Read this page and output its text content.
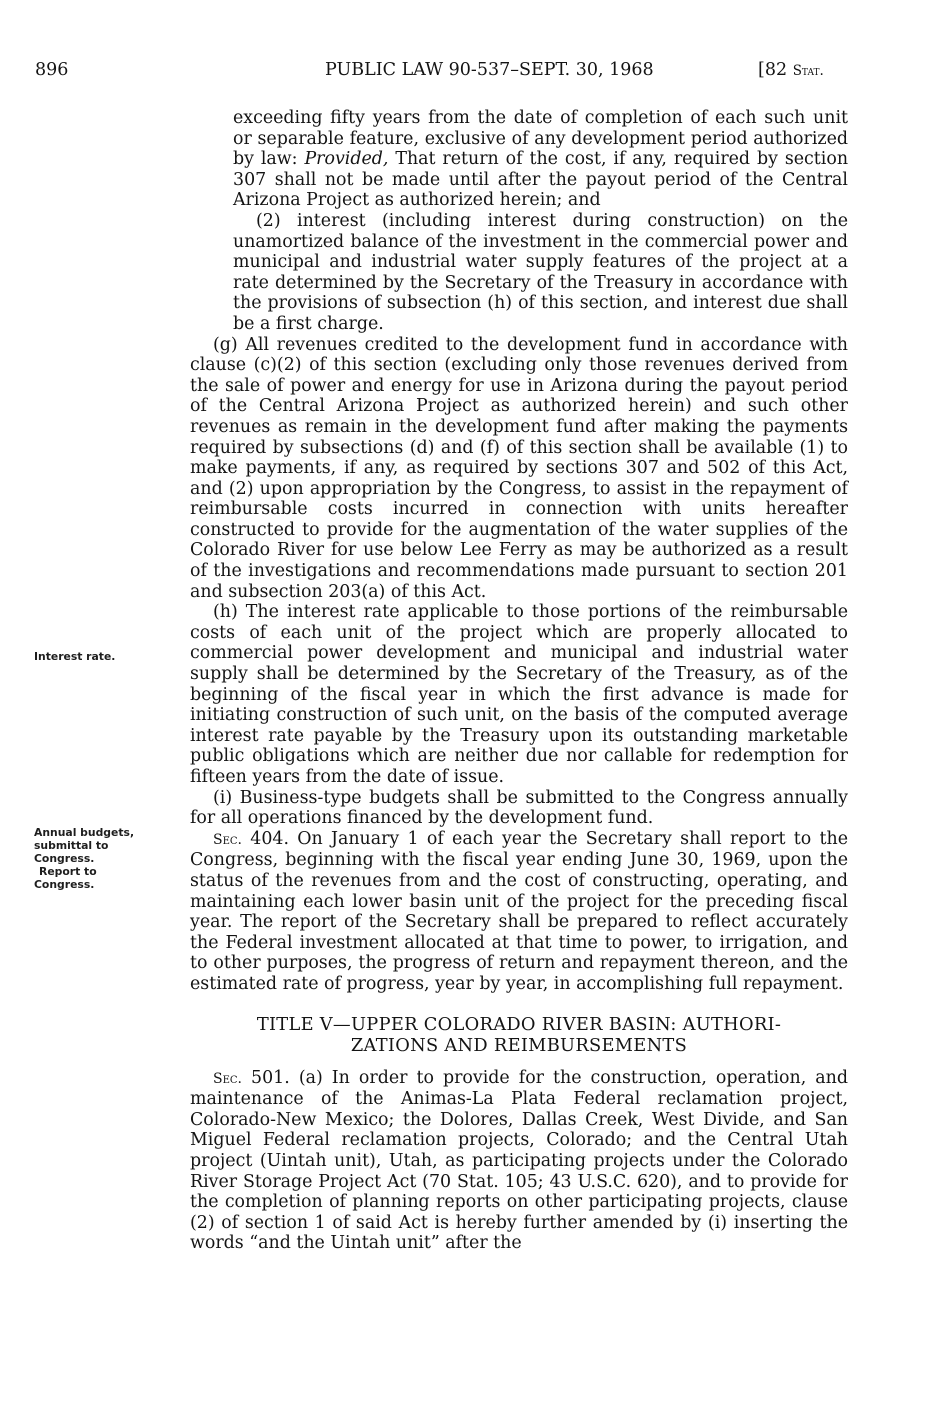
896	PUBLIC LAW 90-537–SEPT. 30, 1968	[82 Stat.
Interest rate.
Annual budgets,
submittal to
Congress.
Report to
Congress.

exceeding fifty years from the date of completion of each such unit or separable feature, exclusive of any development period authorized by law: Provided, That return of the cost, if any, required by section 307 shall not be made until after the payout period of the Central Arizona Project as authorized herein; and

(2) interest (including interest during construction) on the unamortized balance of the investment in the commercial power and municipal and industrial water supply features of the project at a rate determined by the Secretary of the Treasury in accordance with the provisions of subsection (h) of this section, and interest due shall be a first charge.

(g) All revenues credited to the development fund in accordance with clause (c)(2) of this section (excluding only those revenues derived from the sale of power and energy for use in Arizona during the payout period of the Central Arizona Project as authorized herein) and such other revenues as remain in the development fund after making the payments required by subsections (d) and (f) of this section shall be available (1) to make payments, if any, as required by sections 307 and 502 of this Act, and (2) upon appropriation by the Congress, to assist in the repayment of reimbursable costs incurred in connection with units hereafter constructed to provide for the augmentation of the water supplies of the Colorado River for use below Lee Ferry as may be authorized as a result of the investigations and recommendations made pursuant to section 201 and subsection 203(a) of this Act.

(h) The interest rate applicable to those portions of the reimbursable costs of each unit of the project which are properly allocated to commercial power development and municipal and industrial water supply shall be determined by the Secretary of the Treasury, as of the beginning of the fiscal year in which the first advance is made for initiating construction of such unit, on the basis of the computed average interest rate payable by the Treasury upon its outstanding marketable public obligations which are neither due nor callable for redemption for fifteen years from the date of issue.

(i) Business-type budgets shall be submitted to the Congress annually for all operations financed by the development fund.

Sec. 404. On January 1 of each year the Secretary shall report to the Congress, beginning with the fiscal year ending June 30, 1969, upon the status of the revenues from and the cost of constructing, operating, and maintaining each lower basin unit of the project for the preceding fiscal year. The report of the Secretary shall be prepared to reflect accurately the Federal investment allocated at that time to power, to irrigation, and to other purposes, the progress of return and repayment thereon, and the estimated rate of progress, year by year, in accomplishing full repayment.

TITLE V—UPPER COLORADO RIVER BASIN: AUTHORI-
ZATIONS AND REIMBURSEMENTS

Sec. 501. (a) In order to provide for the construction, operation, and maintenance of the Animas-La Plata Federal reclamation project, Colorado-New Mexico; the Dolores, Dallas Creek, West Divide, and San Miguel Federal reclamation projects, Colorado; and the Central Utah project (Uintah unit), Utah, as participating projects under the Colorado River Storage Project Act (70 Stat. 105; 43 U.S.C. 620), and to provide for the completion of planning reports on other participating projects, clause (2) of section 1 of said Act is hereby further amended by (i) inserting the words “and the Uintah unit” after the
